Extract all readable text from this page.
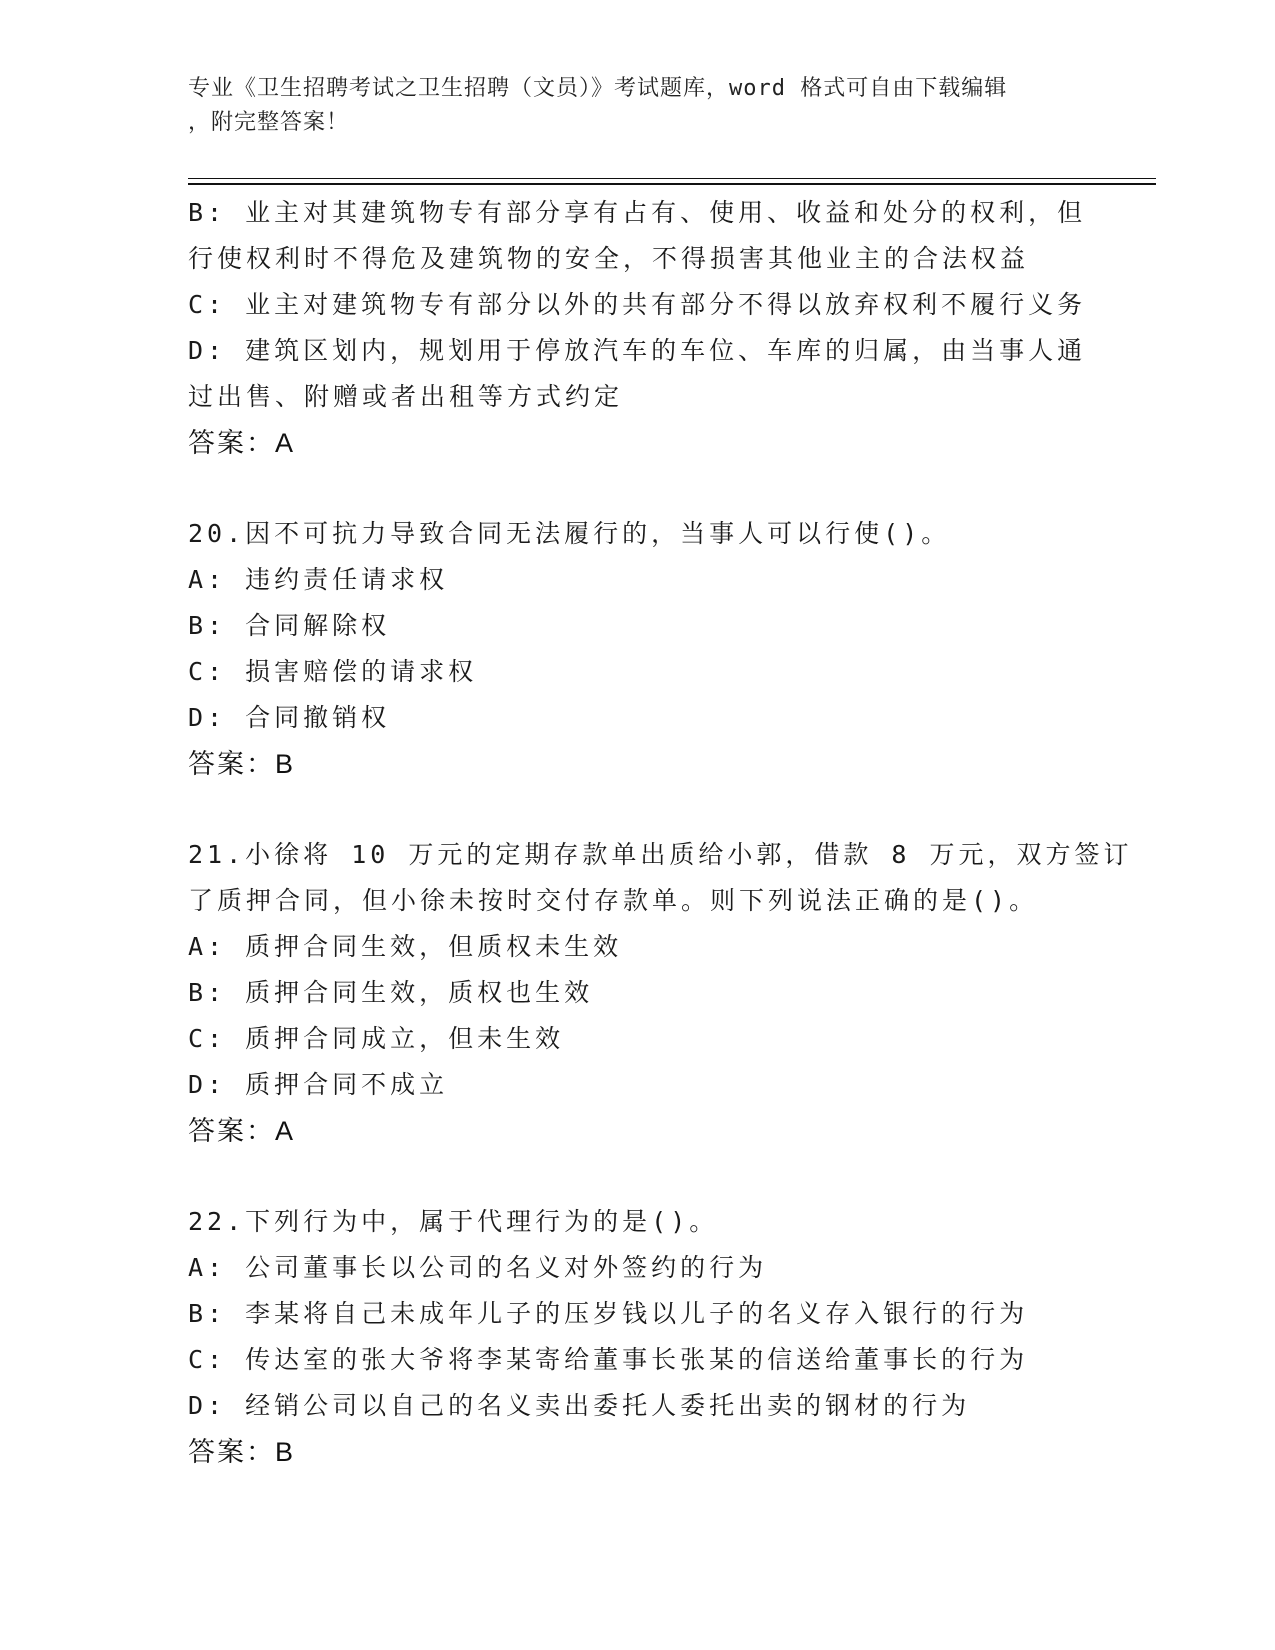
专业《卫生招聘考试之卫生招聘（文员）》考试题库，word 格式可自由下载编辑
，附完整答案！
B: 业主对其建筑物专有部分享有占有、使用、收益和处分的权利，但
行使权利时不得危及建筑物的安全，不得损害其他业主的合法权益
C: 业主对建筑物专有部分以外的共有部分不得以放弃权利不履行义务
D: 建筑区划内，规划用于停放汽车的车位、车库的归属，由当事人通
过出售、附赠或者出租等方式约定
答案：A
20.因不可抗力导致合同无法履行的，当事人可以行使()。
A: 违约责任请求权
B: 合同解除权
C: 损害赔偿的请求权
D: 合同撤销权
答案：B
21.小徐将 10 万元的定期存款单出质给小郭，借款 8 万元，双方签订
了质押合同，但小徐未按时交付存款单。则下列说法正确的是()。
A: 质押合同生效，但质权未生效
B: 质押合同生效，质权也生效
C: 质押合同成立，但未生效
D: 质押合同不成立
答案：A
22.下列行为中，属于代理行为的是()。
A: 公司董事长以公司的名义对外签约的行为
B: 李某将自己未成年儿子的压岁钱以儿子的名义存入银行的行为
C: 传达室的张大爷将李某寄给董事长张某的信送给董事长的行为
D: 经销公司以自己的名义卖出委托人委托出卖的钢材的行为
答案：B
